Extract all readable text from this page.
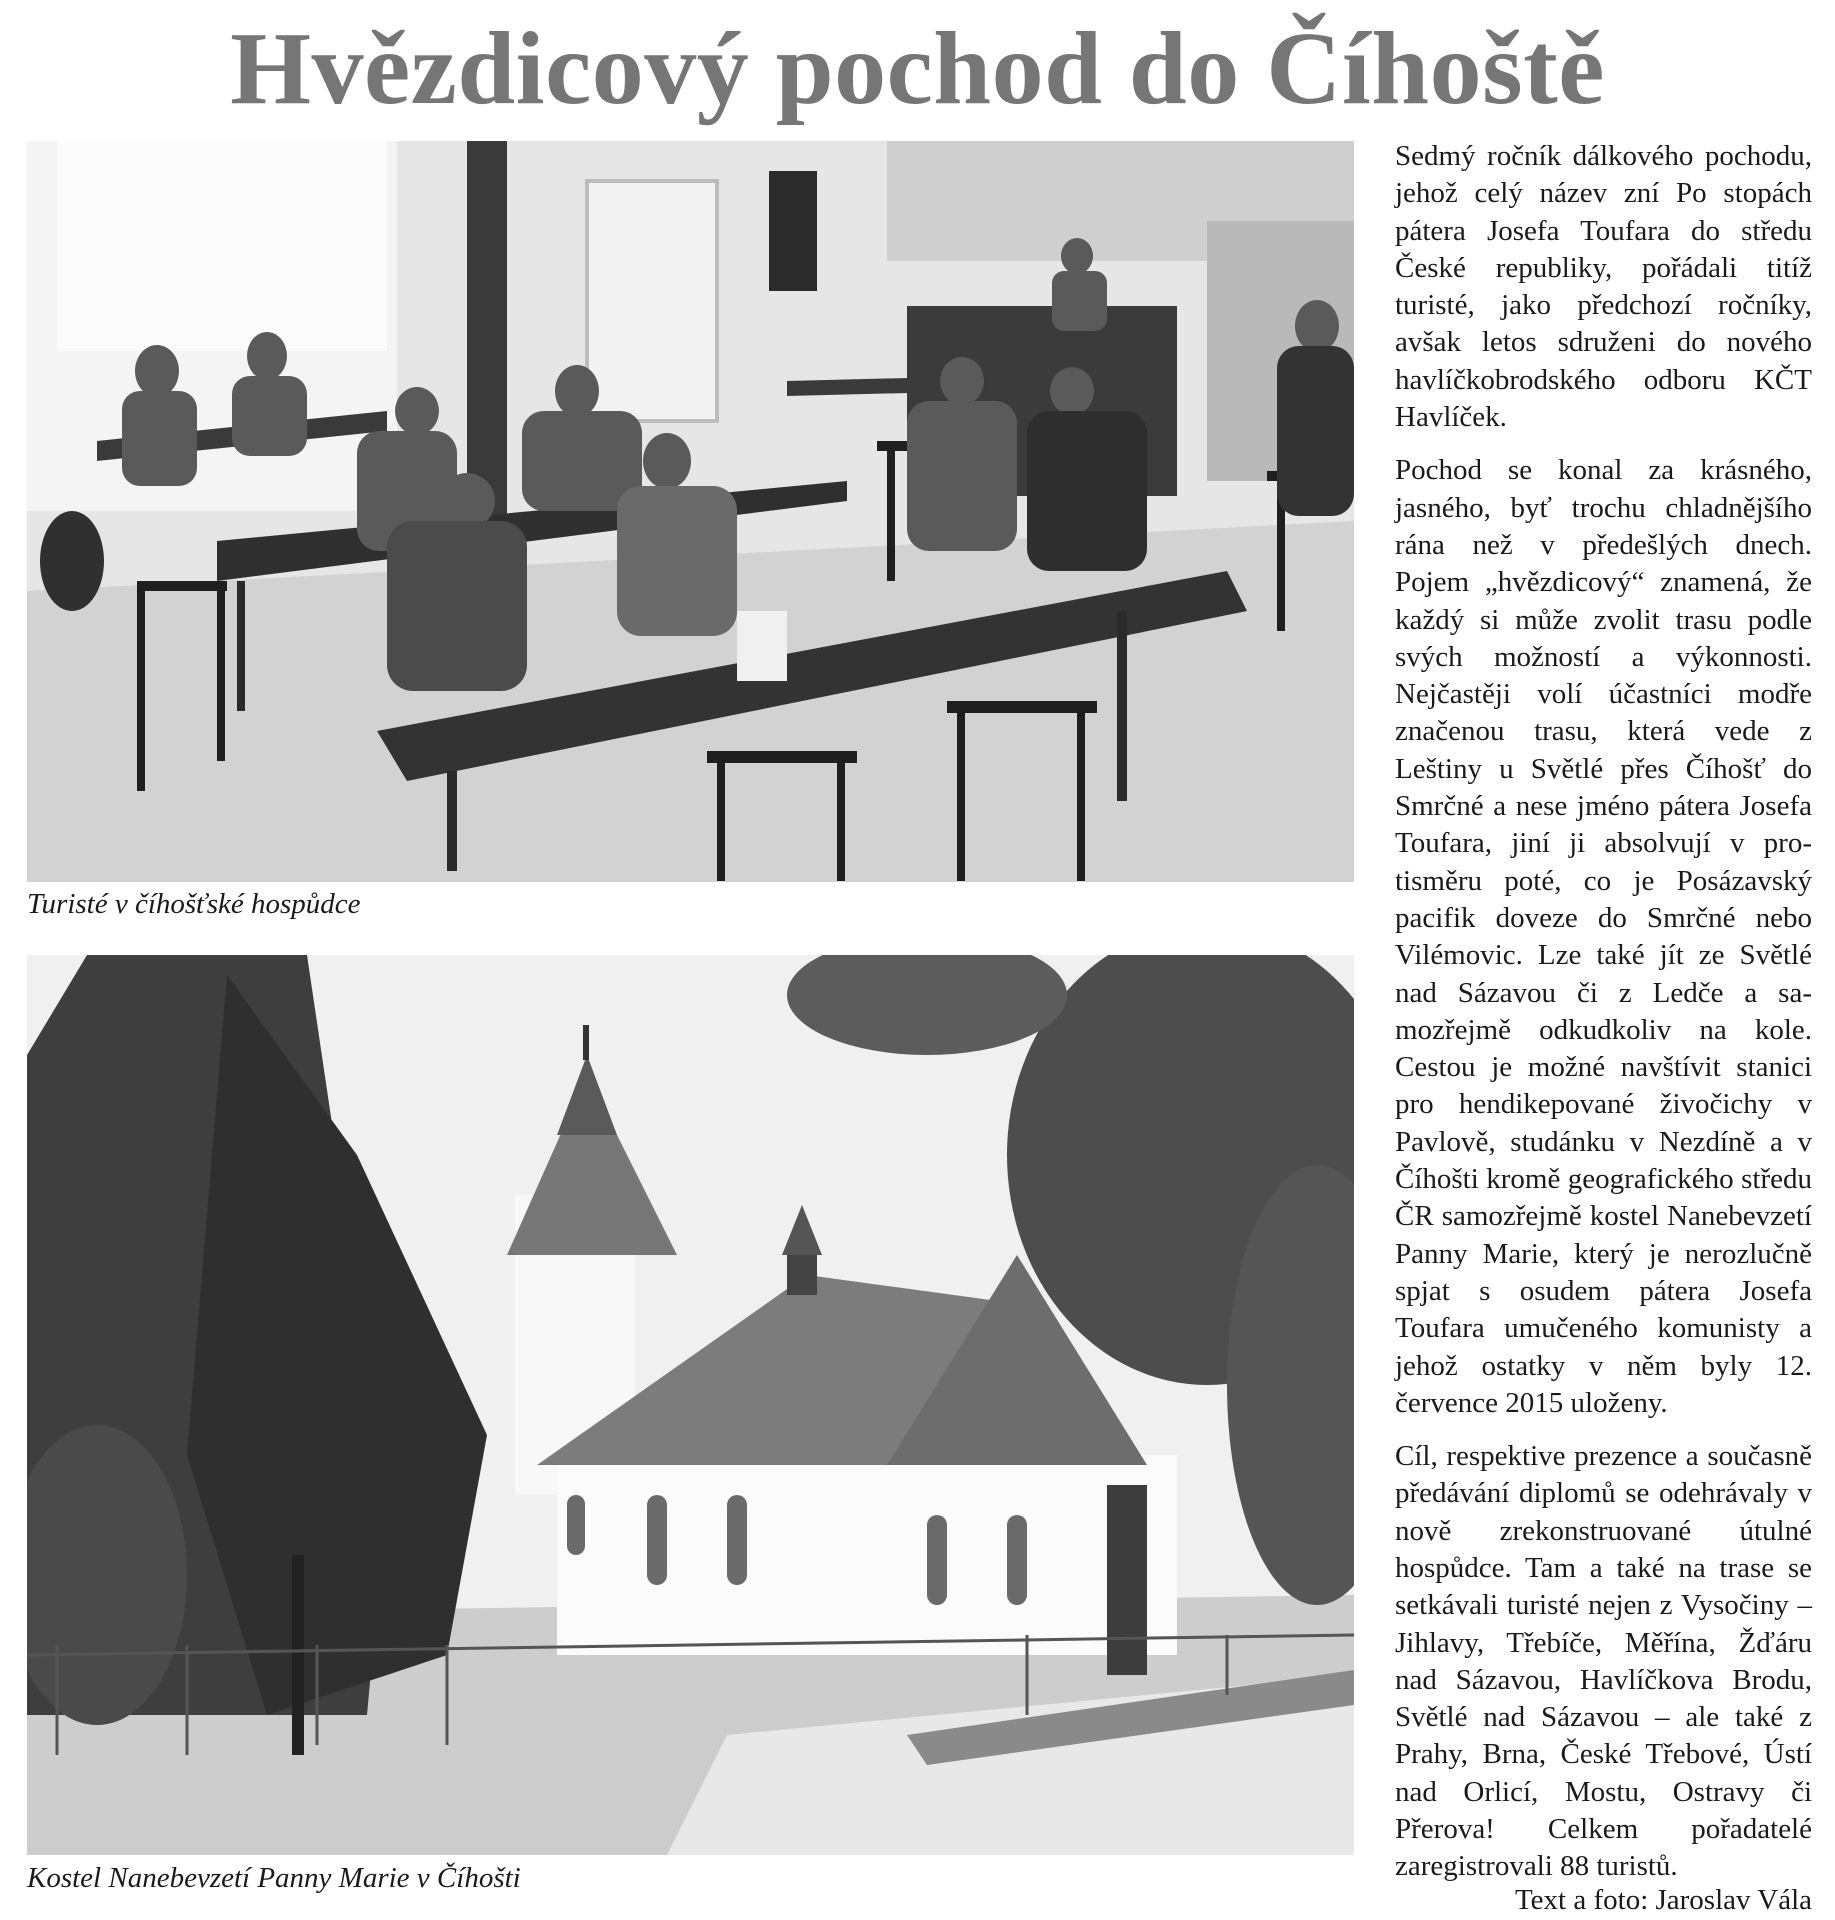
Hvězdicový pochod do Číhoště
Turisté v číhošťské hospůdce
Kostel Nanebevzetí Panny Marie v Číhošti

Sedmý ročník dálkového pochodu, jehož celý název zní Po stopách pátera Josefa Toufara do středu České republiky, pořádali titíž turisté, jako předchozí ročníky, avšak letos sdruženi do nového havlíčkobrodského odboru KČT Havlíček.

Pochod se konal za krásného, jasného, byť trochu chladnějšího rána než v předešlých dnech. Pojem „hvězdicový“ znamená, že každý si může zvolit trasu podle svých možností a výkonnosti. Nejčastěji volí účastníci modře značenou trasu, která vede z Leštiny u Světlé přes Číhošť do Smrčné a nese jméno pátera Josefa Toufara, jiní ji absolvují v protisměru poté, co je Posázavský pacifik doveze do Smrčné nebo Vilémovic. Lze také jít ze Světlé nad Sázavou či z Ledče a samozřejmě odkudkoliv na kole. Cestou je možné navštívit stanici pro hendikepované živočichy v Pavlově, studánku v Nezdíně a v Číhošti kromě geografického středu ČR samozřejmě kostel Nanebevzetí Panny Marie, který je nerozlučně spjat s osudem pátera Josefa Toufara umučeného komunisty a jehož ostatky v něm byly 12. července 2015 uloženy.

Cíl, respektive prezence a současně předávání diplomů se odehrávaly v nově zrekonstruované útulné hospůdce. Tam a také na trase se setkávali turisté nejen z Vysočiny – Jihlavy, Třebíče, Měřína, Žďáru nad Sázavou, Havlíčkova Brodu, Světlé nad Sázavou – ale také z Prahy, Brna, České Třebové, Ústí nad Orlicí, Mostu, Ostravy či Přerova! Celkem pořadatelé zaregistrovali 88 turistů.

Text a foto: Jaroslav Vála
